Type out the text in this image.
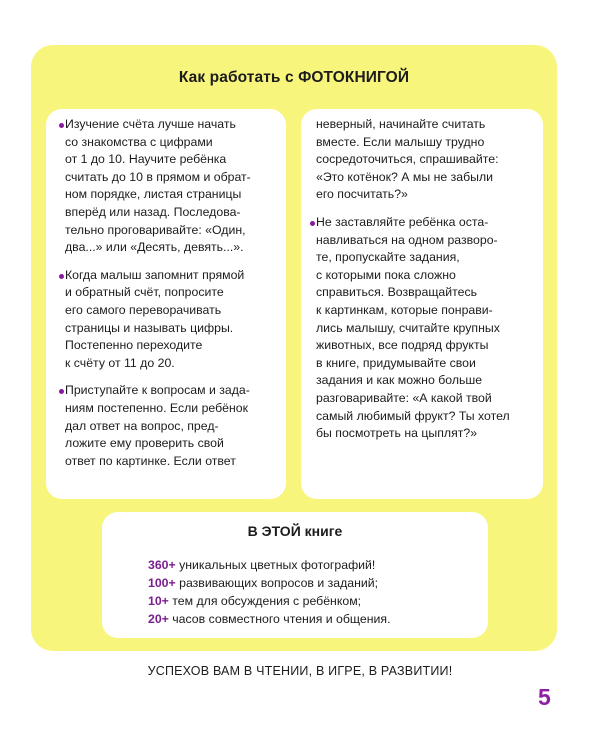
Как работать с ФОТОКНИГОЙ
Изучение счёта лучше начать
со знакомства с цифрами
от 1 до 10. Научите ребёнка
считать до 10 в прямом и обрат-
ном порядке, листая страницы
вперёд или назад. Последова-
тельно проговаривайте: «Один,
два...» или «Десять, девять...».
Когда малыш запомнит прямой
и обратный счёт, попросите
его самого переворачивать
страницы и называть цифры.
Постепенно переходите
к счёту от 11 до 20.
Приступайте к вопросам и зада-
ниям постепенно. Если ребёнок
дал ответ на вопрос, пред-
ложите ему проверить свой
ответ по картинке. Если ответ
неверный, начинайте считать
вместе. Если малышу трудно
сосредоточиться, спрашивайте:
«Это котёнок? А мы не забыли
его посчитать?»
Не заставляйте ребёнка оста-
навливаться на одном разворо-
те, пропускайте задания,
с которыми пока сложно
справиться. Возвращайтесь
к картинкам, которые понрави-
лись малышу, считайте крупных
животных, все подряд фрукты
в книге, придумывайте свои
задания и как можно больше
разговаривайте: «А какой твой
самый любимый фрукт? Ты хотел
бы посмотреть на цыплят?»
В ЭТОЙ книге
360+ уникальных цветных фотографий!
100+ развивающих вопросов и заданий;
10+ тем для обсуждения с ребёнком;
20+ часов совместного чтения и общения.
УСПЕХОВ ВАМ В ЧТЕНИИ, В ИГРЕ, В РАЗВИТИИ!
5
